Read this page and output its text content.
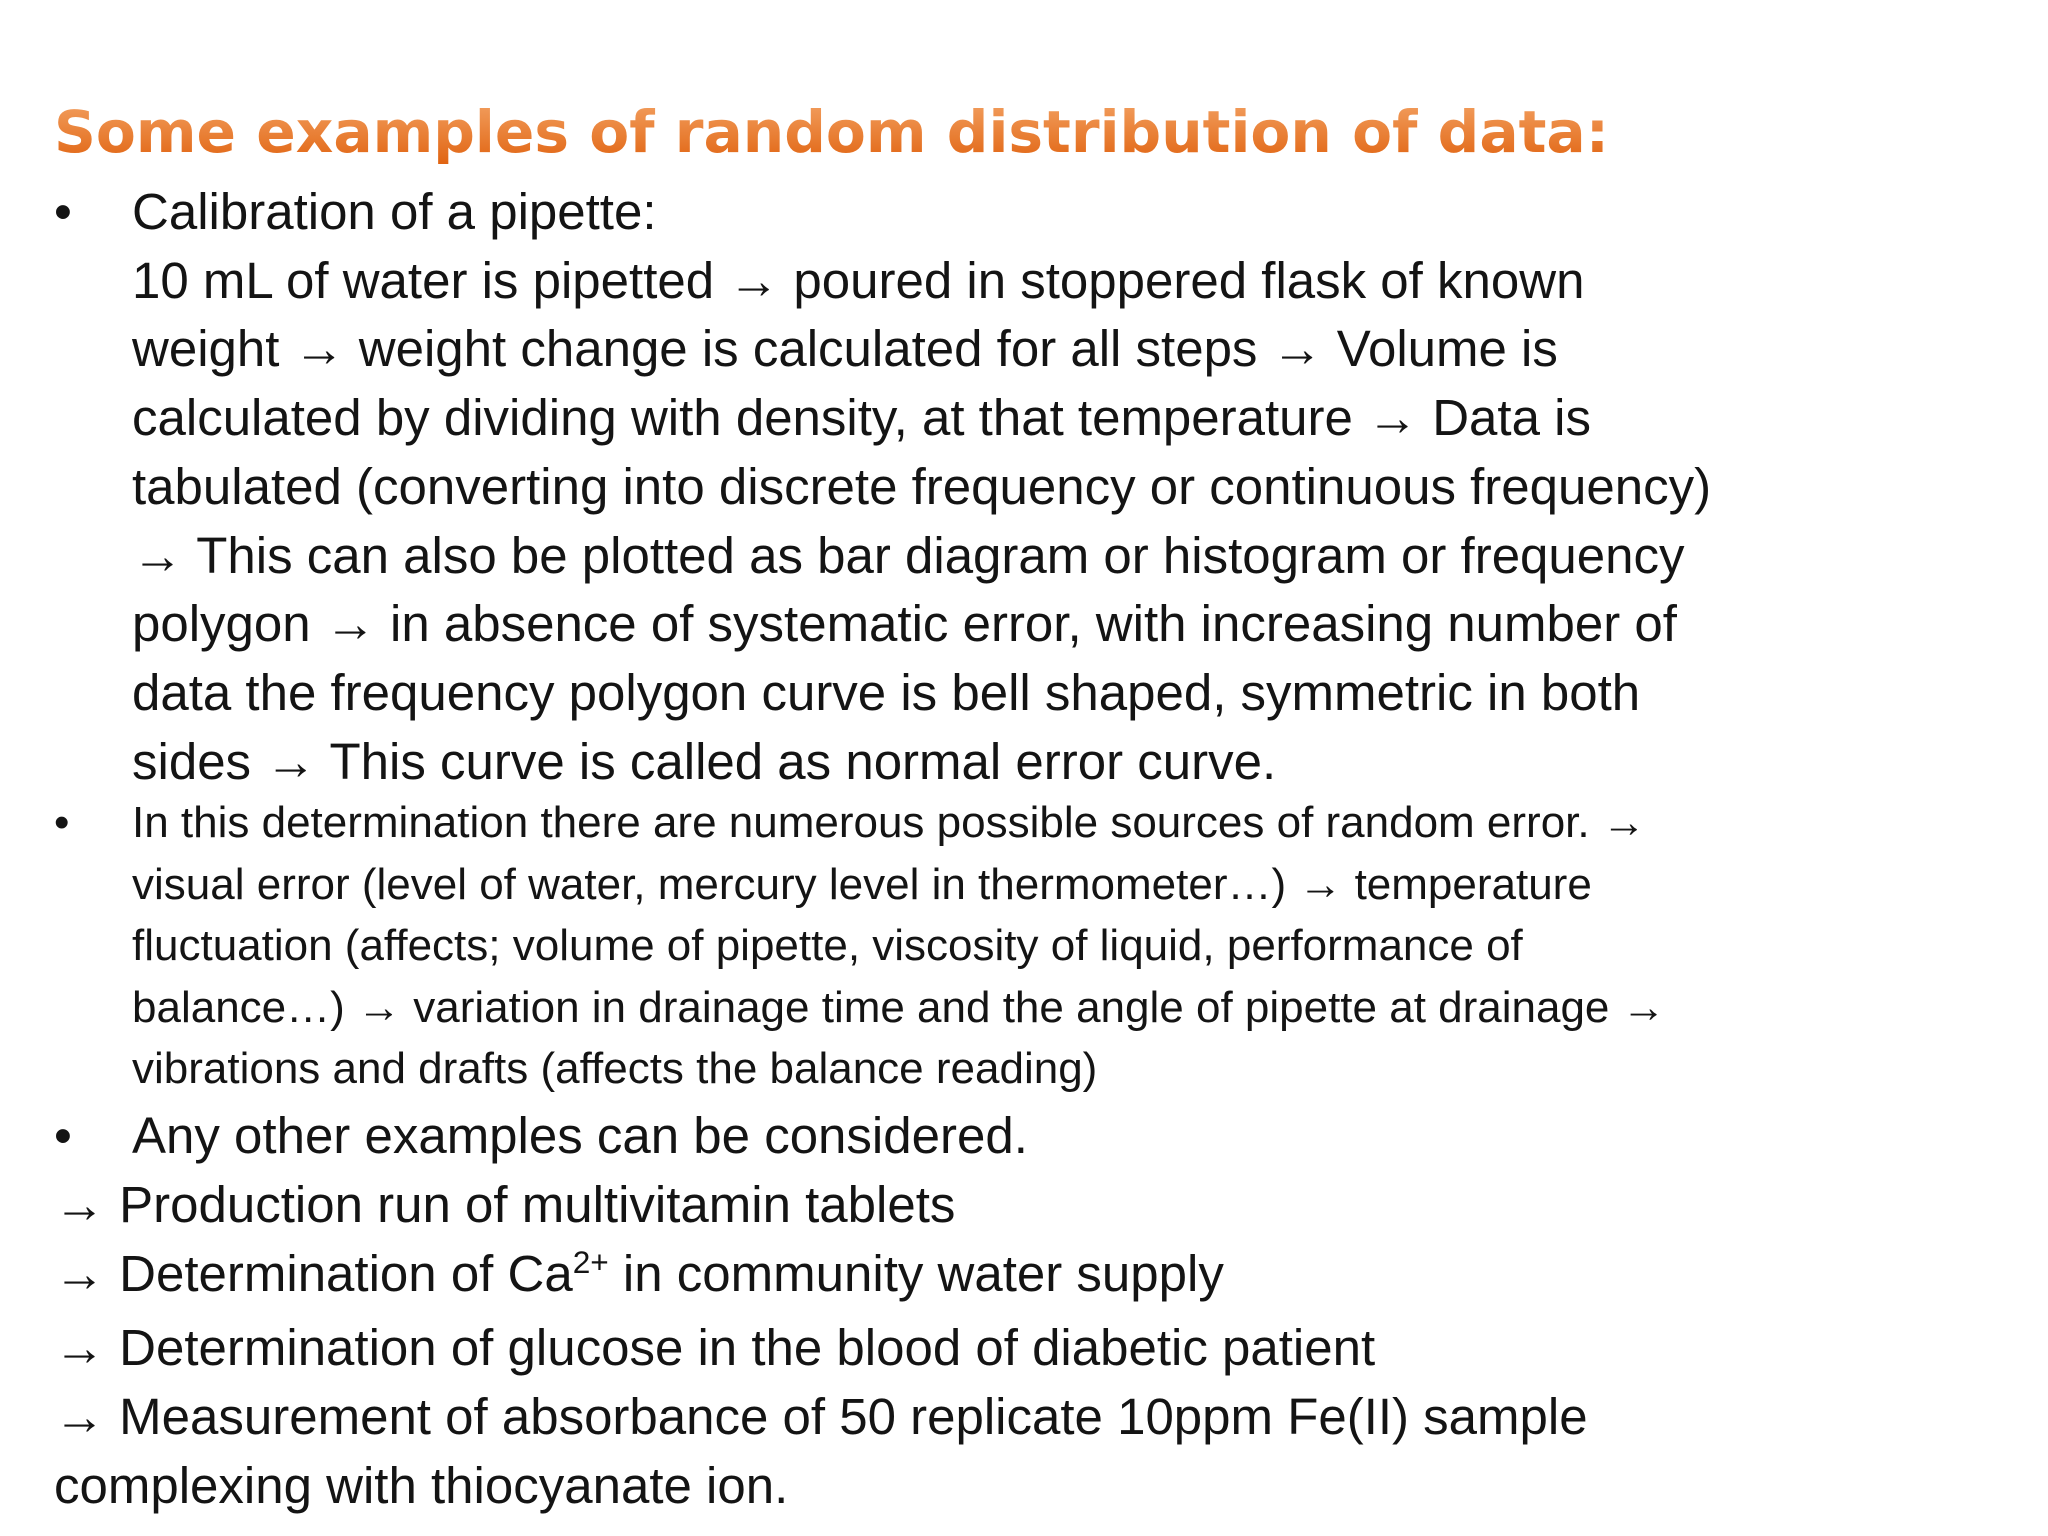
Some examples of random distribution of data:
• Calibration of a pipette:
10 mL of water is pipetted → poured in stoppered flask of known
weight → weight change is calculated for all steps → Volume is
calculated by dividing with density, at that temperature → Data is
tabulated (converting into discrete frequency or continuous frequency)
→ This can also be plotted as bar diagram or histogram or frequency
polygon → in absence of systematic error, with increasing number of
data the frequency polygon curve is bell shaped, symmetric in both
sides → This curve is called as normal error curve.
• In this determination there are numerous possible sources of random error. →
visual error (level of water, mercury level in thermometer…) → temperature
fluctuation (affects; volume of pipette, viscosity of liquid, performance of
balance…) → variation in drainage time and the angle of pipette at drainage →
vibrations and drafts (affects the balance reading)
• Any other examples can be considered.
→ Production run of multivitamin tablets
→ Determination of $Ca^{2+}$ in community water supply
→ Determination of glucose in the blood of diabetic patient
→ Measurement of absorbance of 50 replicate 10ppm Fe(II) sample
complexing with thiocyanate ion.
